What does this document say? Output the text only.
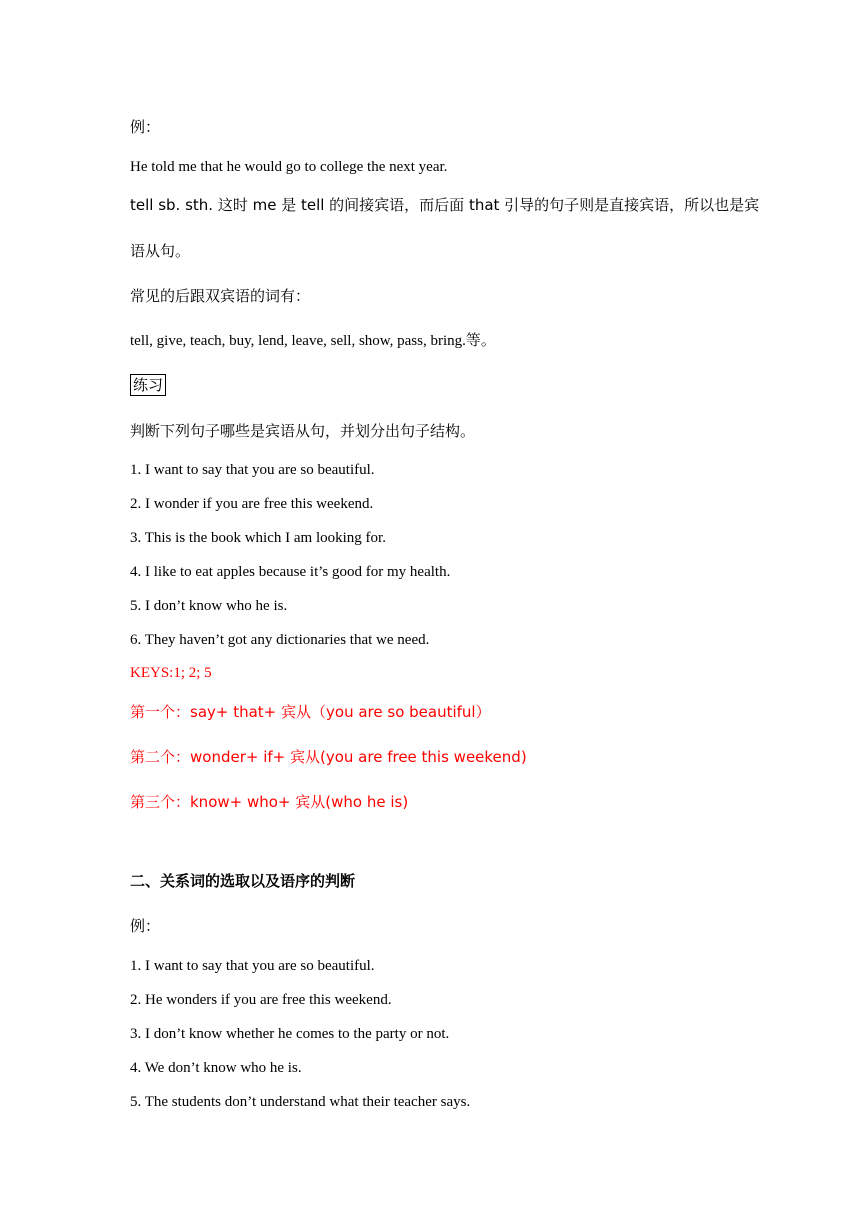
例：
He told me that he would go to college the next year.
tell sb. sth. 这时 me 是 tell 的间接宾语，而后面 that 引导的句子则是直接宾语，所以也是宾
语从句。
常见的后跟双宾语的词有：
tell, give, teach, buy, lend, leave, sell, show, pass, bring.等。
练习
判断下列句子哪些是宾语从句，并划分出句子结构。
1. I want to say that you are so beautiful.
2. I wonder if you are free this weekend.
3. This is the book which I am looking for.
4. I like to eat apples because it’s good for my health.
5. I don’t know who he is.
6. They haven’t got any dictionaries that we need.
KEYS:1; 2; 5
第一个：say+ that+ 宾从（you are so beautiful）
第二个：wonder+ if+ 宾从(you are free this weekend)
第三个：know+ who+ 宾从(who he is)
二、关系词的选取以及语序的判断
例：
1. I want to say that you are so beautiful.
2. He wonders if you are free this weekend.
3. I don’t know whether he comes to the party or not.
4. We don’t know who he is.
5. The students don’t understand what their teacher says.
